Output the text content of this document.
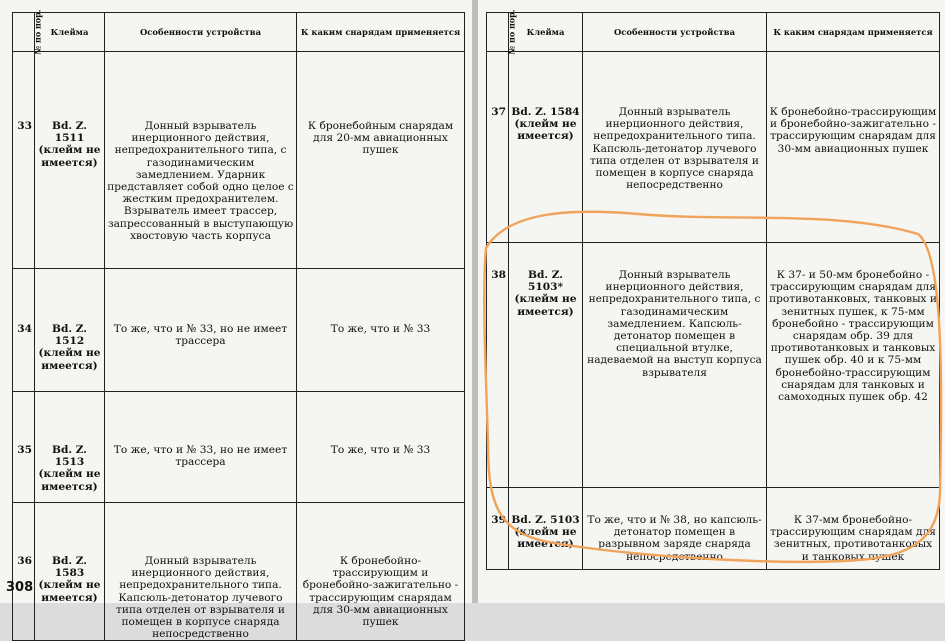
№ по пор.	Клейма	Особенности устройства	К каким снарядам применяется
33	Bd. Z. 1511 (клейм не имеется)	Донный взрыватель инерционного действия, непредохранительного типа, с газодинамическим замедлением. Ударник представляет собой одно целое с жестким предохранителем. Взрыватель имеет трассер, запрессованный в выступающую хвостовую часть корпуса	К бронебойным снарядам для 20-мм авиационных пушек
34	Bd. Z. 1512 (клейм не имеется)	То же, что и № 33, но не имеет трассера	То же, что и № 33
35	Bd. Z. 1513 (клейм не имеется)	То же, что и № 33, но не имеет трассера	То же, что и № 33
36	Bd. Z. 1583 (клейм не имеется)	Донный взрыватель инерционного действия, непредохранительного типа. Капсюль-детонатор лучевого типа отделен от взрывателя и помещен в корпусе снаряда непосредственно	К бронебойно-трассирующим и бронебойно-зажигательно - трассирующим снарядам для 30-мм авиационных пушек
308
№ по пор.	Клейма	Особенности устройства	К каким снарядам применяется
37	Bd. Z. 1584 (клейм не имеется)	Донный взрыватель инерционного действия, непредохранительного типа. Капсюль-детонатор лучевого типа отделен от взрывателя и помещен в корпусе снаряда непосредственно	К бронебойно-трассирующим и бронебойно-зажигательно - трассирующим снарядам для 30-мм авиационных пушек
38	Bd. Z. 5103* (клейм не имеется)	Донный взрыватель инерционного действия, непредохранительного типа, с газодинамическим замедлением. Капсюль-детонатор помещен в специальной втулке, надеваемой на выступ корпуса взрывателя	К 37- и 50-мм бронебойно - трассирующим снарядам для противотанковых, танковых и зенитных пушек, к 75-мм бронебойно - трассирующим снарядам обр. 39 для противотанковых и танковых пушек обр. 40 и к 75-мм бронебойно-трассирующим снарядам для танковых и самоходных пушек обр. 42
39	Bd. Z. 5103 (клейм не имеется)	То же, что и № 38, но капсюль-детонатор помещен в разрывном заряде снаряда непосредственно	К 37-мм бронебойно-трассирующим снарядам для зенитных, противотанковых и танковых пушек
